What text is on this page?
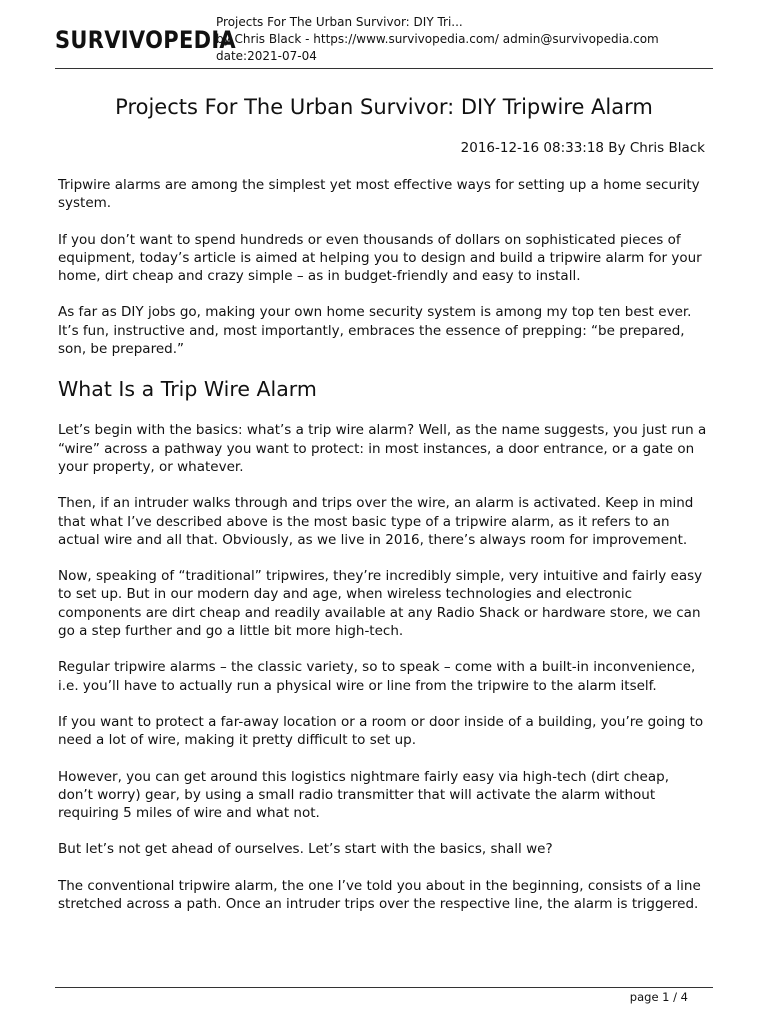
SURVIVOPEDIA
Projects For The Urban Survivor: DIY Tri...
by Chris Black - https://www.survivopedia.com/ admin@survivopedia.com
date:2021-07-04
Projects For The Urban Survivor: DIY Tripwire Alarm
2016-12-16 08:33:18 By Chris Black

Tripwire alarms are among the simplest yet most effective ways for setting up a home security system.

If you don’t want to spend hundreds or even thousands of dollars on sophisticated pieces of equipment, today’s article is aimed at helping you to design and build a tripwire alarm for your home, dirt cheap and crazy simple – as in budget-friendly and easy to install.

As far as DIY jobs go, making your own home security system is among my top ten best ever. It’s fun, instructive and, most importantly, embraces the essence of prepping: “be prepared, son, be prepared.”

What Is a Trip Wire Alarm

Let’s begin with the basics: what’s a trip wire alarm? Well, as the name suggests, you just run a “wire” across a pathway you want to protect: in most instances, a door entrance, or a gate on your property, or whatever.

Then, if an intruder walks through and trips over the wire, an alarm is activated. Keep in mind that what I’ve described above is the most basic type of a tripwire alarm, as it refers to an actual wire and all that. Obviously, as we live in 2016, there’s always room for improvement.

Now, speaking of “traditional” tripwires, they’re incredibly simple, very intuitive and fairly easy to set up. But in our modern day and age, when wireless technologies and electronic components are dirt cheap and readily available at any Radio Shack or hardware store, we can go a step further and go a little bit more high-tech.

Regular tripwire alarms – the classic variety, so to speak – come with a built-in inconvenience, i.e. you’ll have to actually run a physical wire or line from the tripwire to the alarm itself.

If you want to protect a far-away location or a room or door inside of a building, you’re going to need a lot of wire, making it pretty difficult to set up.

However, you can get around this logistics nightmare fairly easy via high-tech (dirt cheap, don’t worry) gear, by using a small radio transmitter that will activate the alarm without requiring 5 miles of wire and what not.

But let’s not get ahead of ourselves. Let’s start with the basics, shall we?

The conventional tripwire alarm, the one I’ve told you about in the beginning, consists of a line stretched across a path. Once an intruder trips over the respective line, the alarm is triggered.

page 1 / 4
